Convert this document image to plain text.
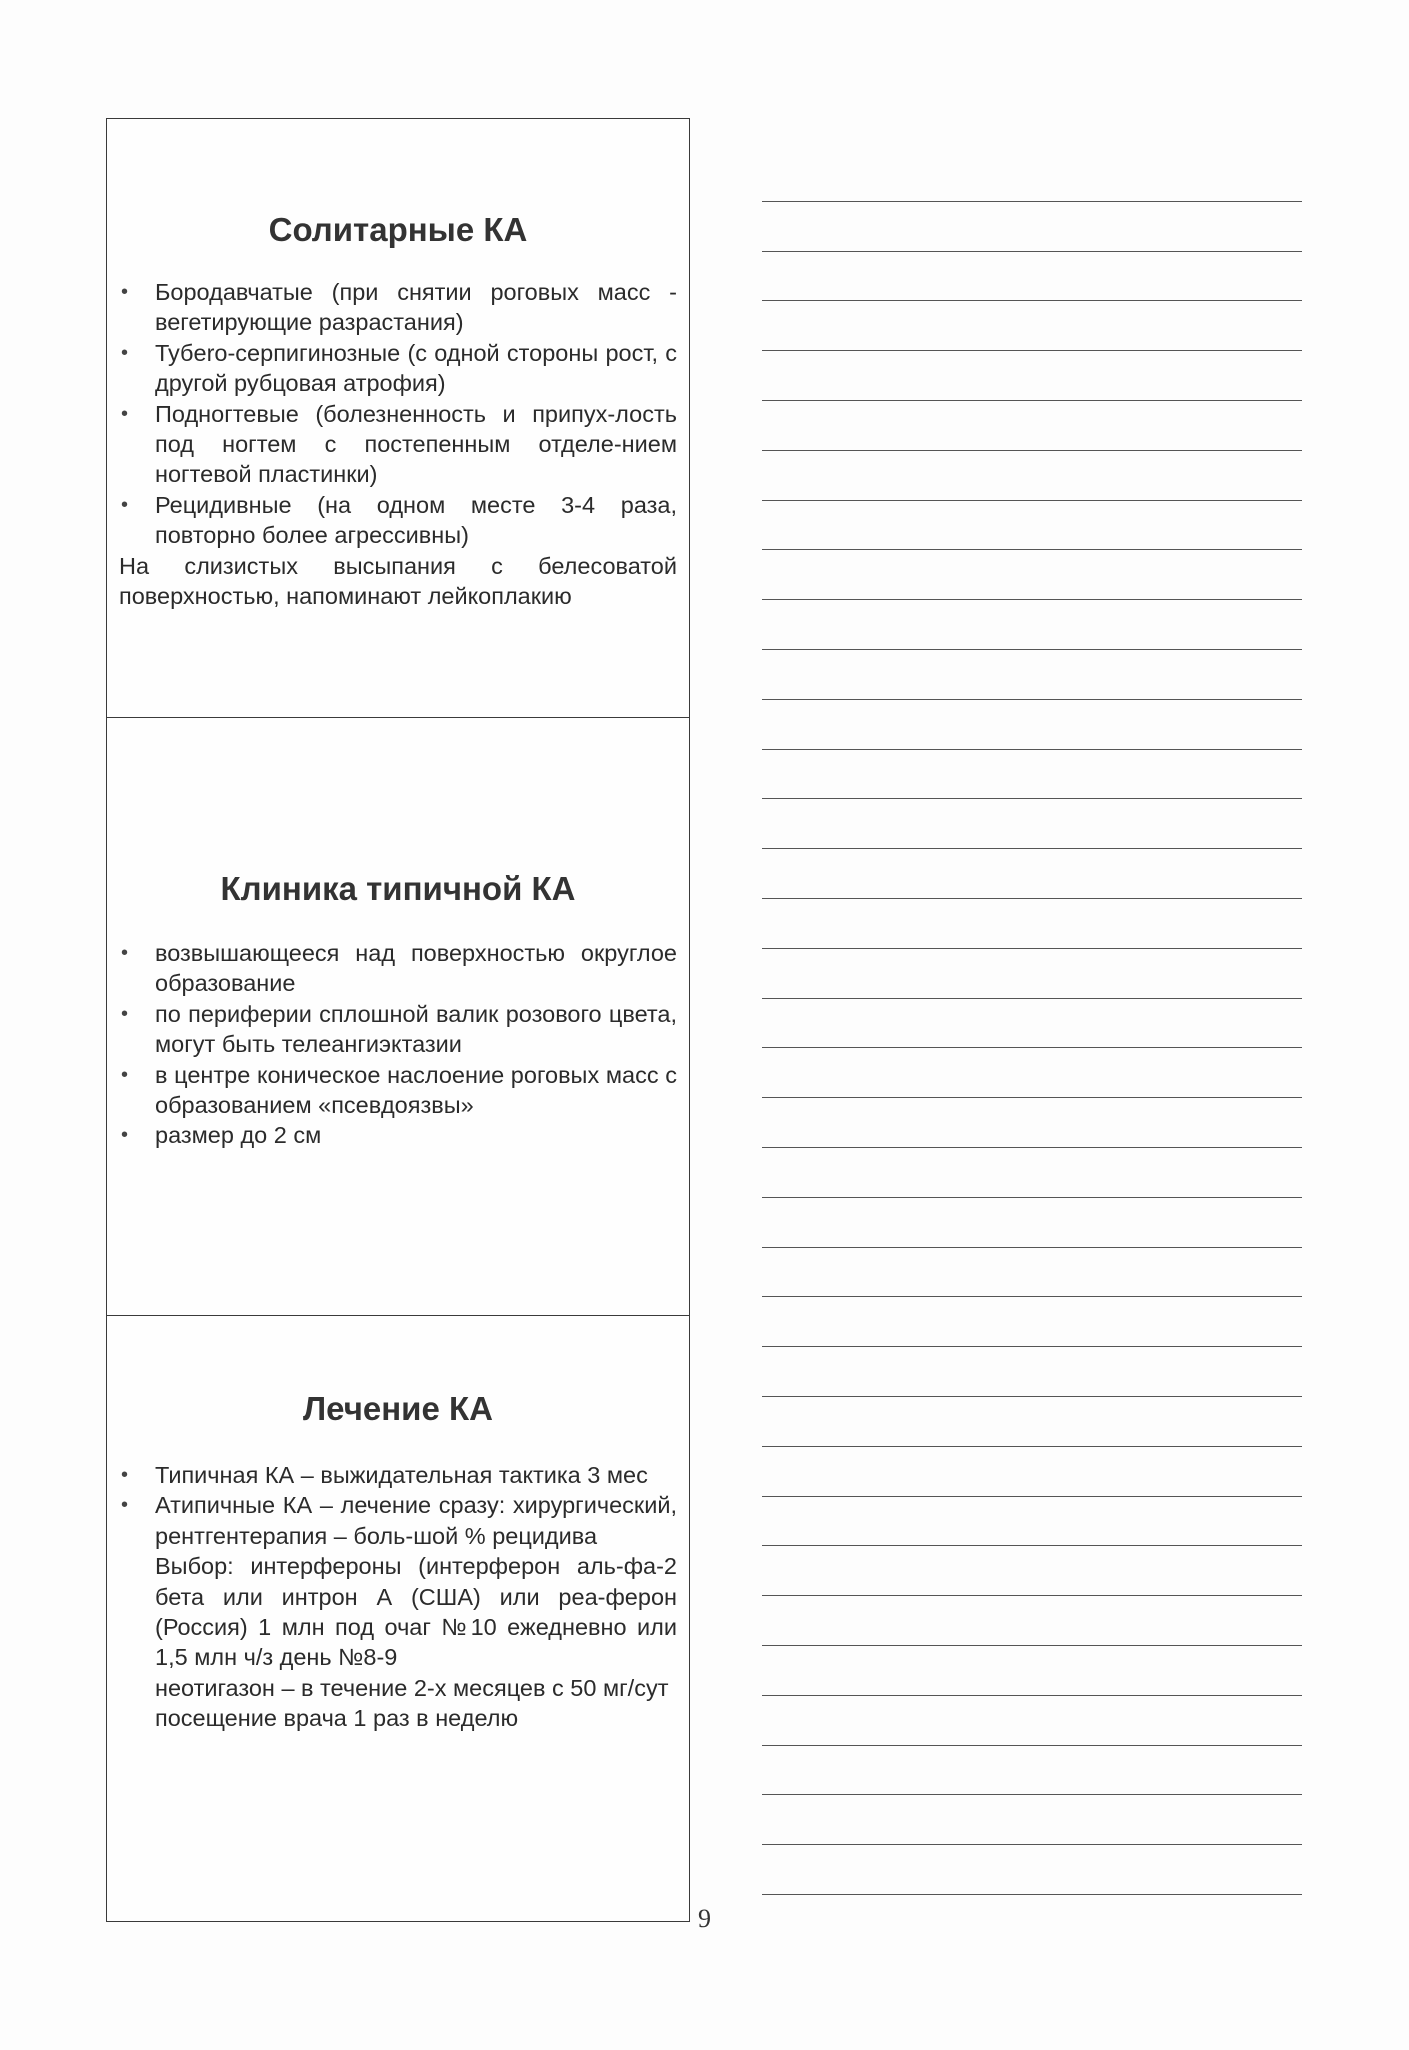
Солитарные КА
• Бородавчатые (при снятии роговых масс - вегетирующие разрастания)
• Тубero-серпигинозные (с одной стороны рост, с другой рубцовая атрофия)
• Подногтевые (болезненность и припух-лость под ногтем с постепенным отделе-нием ногтевой пластинки)
• Рецидивные (на одном месте 3-4 раза, повторно более агрессивны)
На слизистых высыпания с белесоватой поверхностью, напоминают лейкоплакию
Клиника типичной КА
• возвышающееся над поверхностью округлое образование
• по периферии сплошной валик розового цвета, могут быть телеангиэктазии
• в центре коническое наслоение роговых масс с образованием «псевдоязвы»
• размер до 2 см
Лечение КА
• Типичная КА – выжидательная тактика 3 мес
• Атипичные КА – лечение сразу: хирургический, рентгентерапия – боль-шой % рецидива
Выбор: интерфероны (интерферон аль-фа-2 бета или интрон А (США) или реа-ферон (Россия) 1 млн под очаг №10 ежедневно или 1,5 млн ч/з день №8-9
неотигазон – в течение 2-х месяцев с 50 мг/сут
посещение врача 1 раз в неделю
9
